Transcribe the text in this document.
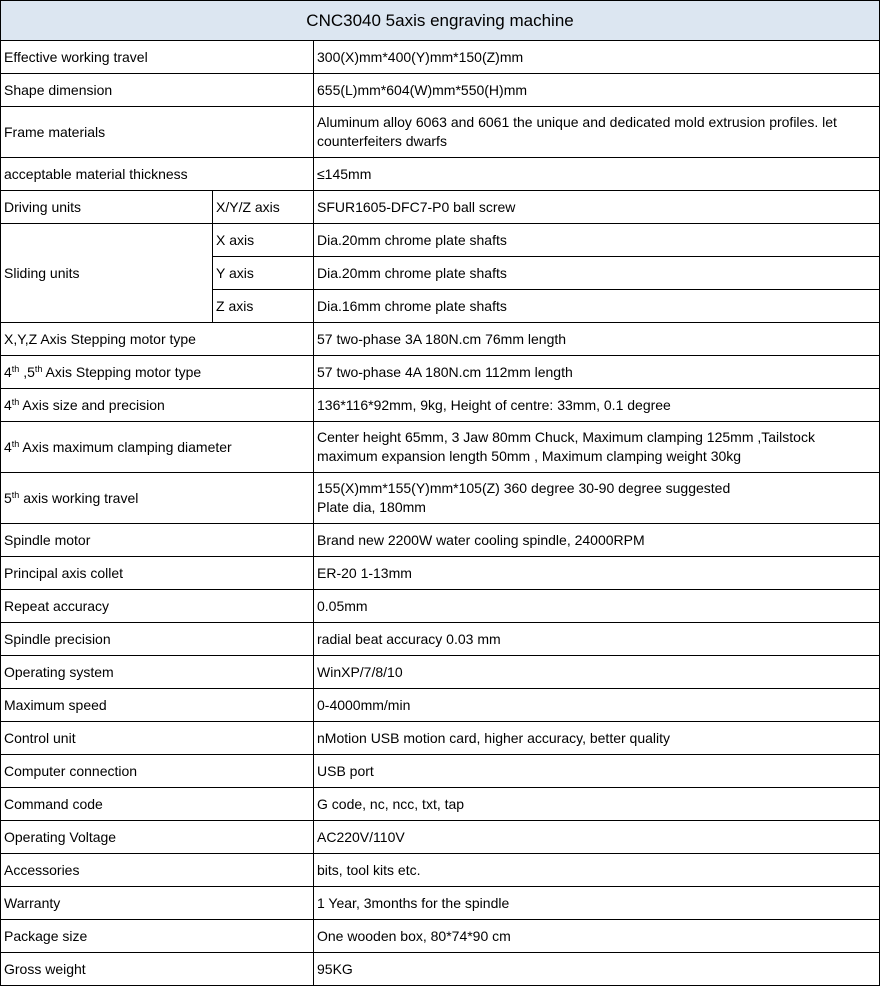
CNC3040 5axis engraving machine		
Effective working travel		300(X)mm*400(Y)mm*150(Z)mm
Shape dimension		655(L)mm*604(W)mm*550(H)mm
Frame materials		Aluminum alloy 6063 and 6061 the unique and dedicated mold extrusion profiles. let counterfeiters dwarfs
acceptable material thickness		≤145mm
Driving units	X/Y/Z axis	SFUR1605-DFC7-P0 ball screw
Sliding units	X axis	Dia.20mm chrome plate shafts
	Y axis	Dia.20mm chrome plate shafts
	Z axis	Dia.16mm chrome plate shafts
X,Y,Z Axis Stepping motor type		57 two-phase 3A 180N.cm 76mm length
4th ,5th Axis Stepping motor type		57 two-phase 4A 180N.cm 112mm length
4th Axis size and precision		136*116*92mm, 9kg, Height of centre: 33mm, 0.1 degree
4th Axis maximum clamping diameter		Center height 65mm, 3 Jaw 80mm Chuck, Maximum clamping 125mm ,Tailstock maximum expansion length 50mm , Maximum clamping weight 30kg
5th axis working travel		155(X)mm*155(Y)mm*105(Z) 360 degree 30-90 degree suggested
Plate dia, 180mm
Spindle motor		Brand new 2200W water cooling spindle, 24000RPM
Principal axis collet		ER-20 1-13mm
Repeat accuracy		0.05mm
Spindle precision		radial beat accuracy 0.03 mm
Operating system		WinXP/7/8/10
Maximum speed		0-4000mm/min
Control unit		nMotion USB motion card, higher accuracy, better quality
Computer connection		USB port
Command code		G code, nc, ncc, txt, tap
Operating Voltage		AC220V/110V
Accessories		bits, tool kits etc.
Warranty		1 Year, 3months for the spindle
Package size		One wooden box, 80*74*90 cm
Gross weight		95KG
